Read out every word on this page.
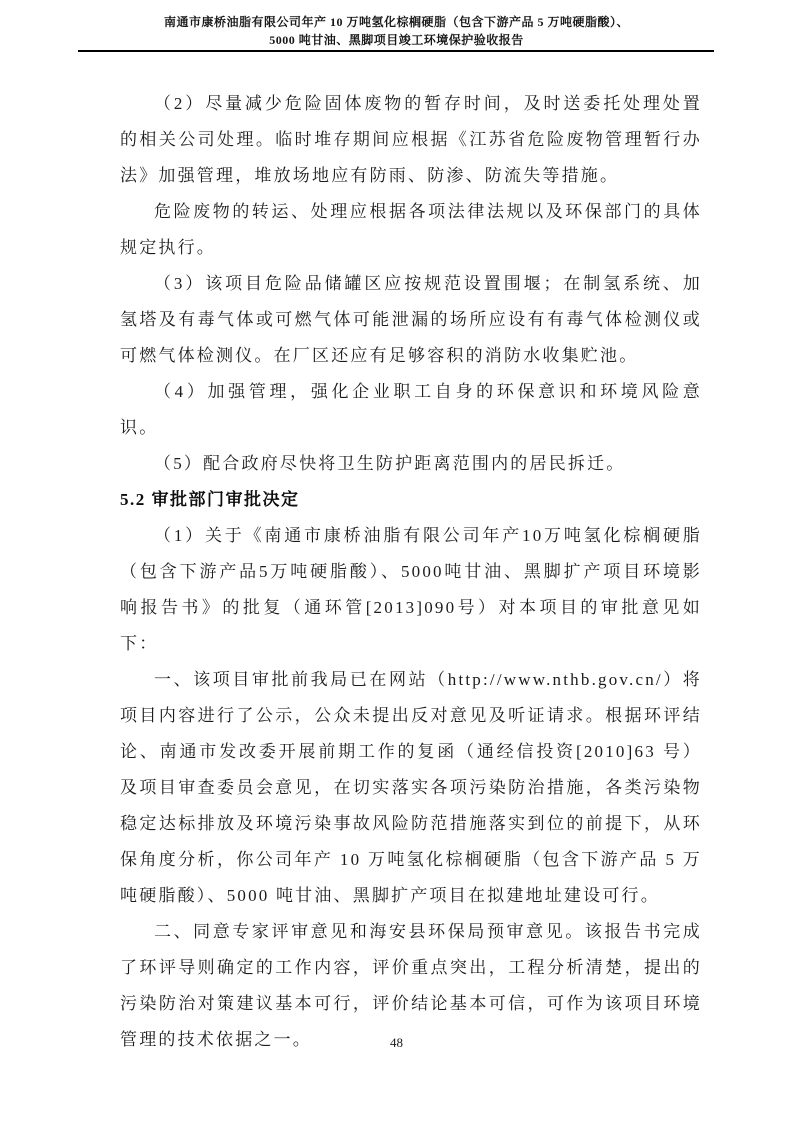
南通市康桥油脂有限公司年产 10 万吨氢化棕榈硬脂（包含下游产品 5 万吨硬脂酸）、
5000 吨甘油、黑脚项目竣工环境保护验收报告

（2）尽量减少危险固体废物的暂存时间，及时送委托处理处置的相关公司处理。临时堆存期间应根据《江苏省危险废物管理暂行办法》加强管理，堆放场地应有防雨、防渗、防流失等措施。

危险废物的转运、处理应根据各项法律法规以及环保部门的具体规定执行。

（3）该项目危险品储罐区应按规范设置围堰；在制氢系统、加氢塔及有毒气体或可燃气体可能泄漏的场所应设有有毒气体检测仪或可燃气体检测仪。在厂区还应有足够容积的消防水收集贮池。

（4）加强管理，强化企业职工自身的环保意识和环境风险意识。

（5）配合政府尽快将卫生防护距离范围内的居民拆迁。

5.2 审批部门审批决定

（1）关于《南通市康桥油脂有限公司年产10万吨氢化棕榈硬脂（包含下游产品5万吨硬脂酸）、5000吨甘油、黑脚扩产项目环境影响报告书》的批复（通环管[2013]090号）对本项目的审批意见如下：

一、该项目审批前我局已在网站（http://www.nthb.gov.cn/）将项目内容进行了公示，公众未提出反对意见及听证请求。根据环评结论、南通市发改委开展前期工作的复函（通经信投资[2010]63 号）及项目审查委员会意见，在切实落实各项污染防治措施，各类污染物稳定达标排放及环境污染事故风险防范措施落实到位的前提下，从环保角度分析，你公司年产 10 万吨氢化棕榈硬脂（包含下游产品 5 万吨硬脂酸）、5000 吨甘油、黑脚扩产项目在拟建地址建设可行。

二、同意专家评审意见和海安县环保局预审意见。该报告书完成了环评导则确定的工作内容，评价重点突出，工程分析清楚，提出的污染防治对策建议基本可行，评价结论基本可信，可作为该项目环境管理的技术依据之一。	48
